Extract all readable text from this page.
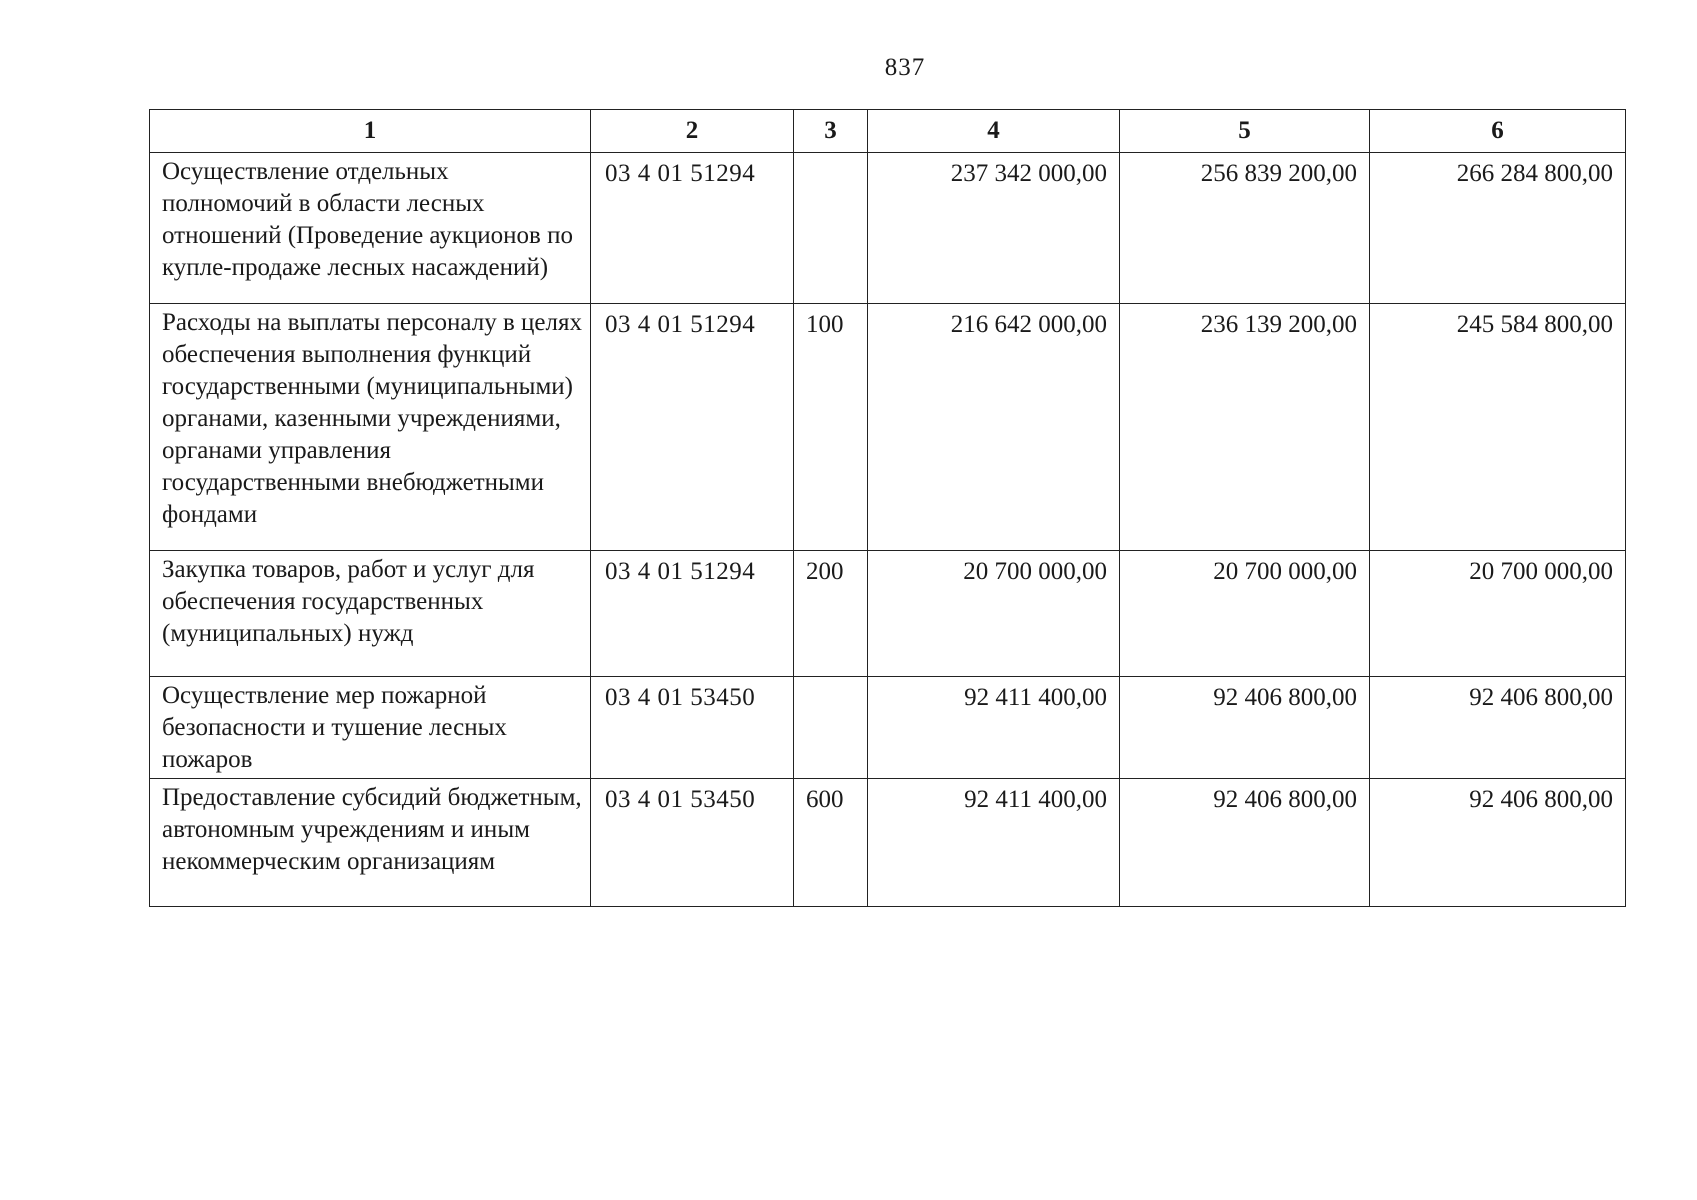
837
1	2	3	4	5	6
Осуществление отдельных полномочий в области лесных отношений (Проведение аукционов по купле-продаже лесных насаждений)	03 4 01 51294		237 342 000,00	256 839 200,00	266 284 800,00
Расходы на выплаты персоналу в целях обеспечения выполнения функций государственными (муниципальными) органами, казенными учреждениями, органами управления государственными внебюджетными фондами	03 4 01 51294	100	216 642 000,00	236 139 200,00	245 584 800,00
Закупка товаров, работ и услуг для обеспечения государственных (муниципальных) нужд	03 4 01 51294	200	20 700 000,00	20 700 000,00	20 700 000,00
Осуществление мер пожарной безопасности и тушение лесных пожаров	03 4 01 53450		92 411 400,00	92 406 800,00	92 406 800,00
Предоставление субсидий бюджетным, автономным учреждениям и иным некоммерческим организациям	03 4 01 53450	600	92 411 400,00	92 406 800,00	92 406 800,00
